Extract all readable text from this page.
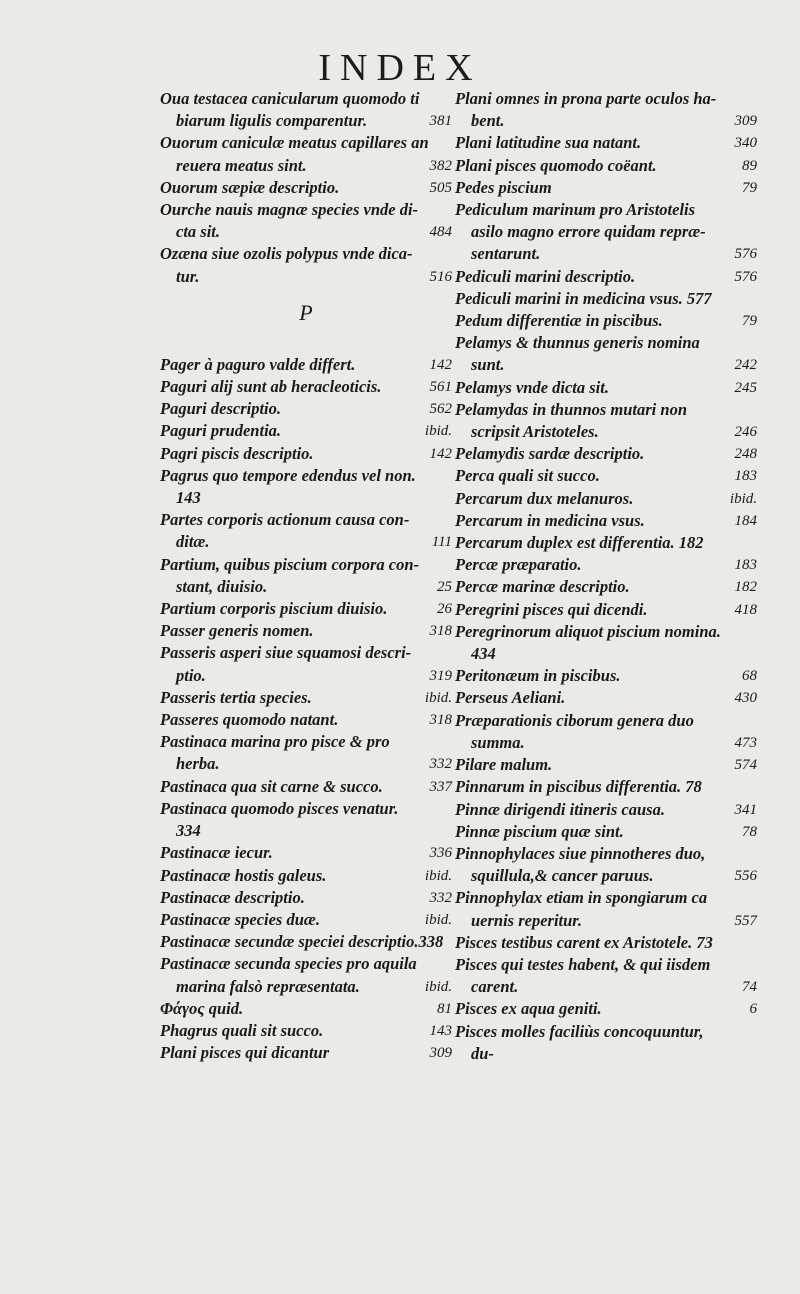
INDEX
Oua testacea canicularum quomodo ti
biarum ligulis comparentur.	381
Ouorum caniculæ meatus capillares an
reuera meatus sint.	382
Ouorum sæpiæ descriptio.	505
Ourche nauis magnæ species vnde di-
cta sit.	484
Ozæna siue ozolis polypus vnde dica-
tur.	516
P
Pager à paguro valde differt.	142
Paguri alij sunt ab heracleoticis.	561
Paguri descriptio.	562
Paguri prudentia.	ibid.
Pagri piscis descriptio.	142
Pagrus quo tempore edendus vel non.
143
Partes corporis actionum causa con-
ditæ.	111
Partium, quibus piscium corpora con-
stant, diuisio.	25
Partium corporis piscium diuisio.	26
Passer generis nomen.	318
Passeris asperi siue squamosi descri-
ptio.	319
Passeris tertia species.	ibid.
Passeres quomodo natant.	318
Pastinaca marina pro pisce & pro
herba.	332
Pastinaca qua sit carne & succo.	337
Pastinaca quomodo pisces venatur.
334
Pastinacæ iecur.	336
Pastinacæ hostis galeus.	ibid.
Pastinacæ descriptio.	332
Pastinacæ species duæ.	ibid.
Pastinacæ secundæ speciei descriptio.338
Pastinacæ secunda species pro aquila
marina falsò repræsentata.	ibid.
Φάγος quid.	81
Phagrus quali sit succo.	143
Plani pisces qui dicantur	309
Plani omnes in prona parte oculos ha-
bent.	309
Plani latitudine sua natant.	340
Plani pisces quomodo coëant.	89
Pedes piscium	79
Pediculum marinum pro Aristotelis
asilo magno errore quidam repræ-
sentarunt.	576
Pediculi marini descriptio.	576
Pediculi marini in medicina vsus. 577
Pedum differentiæ in piscibus.	79
Pelamys & thunnus generis nomina
sunt.	242
Pelamys vnde dicta sit.	245
Pelamydas in thunnos mutari non
scripsit Aristoteles.	246
Pelamydis sardæ descriptio.	248
Perca quali sit succo.	183
Percarum dux melanuros.	ibid.
Percarum in medicina vsus.	184
Percarum duplex est differentia. 182
Percæ præparatio.	183
Percæ marinæ descriptio.	182
Peregrini pisces qui dicendi.	418
Peregrinorum aliquot piscium nomina.
434
Peritonæum in piscibus.	68
Perseus Aeliani.	430
Præparationis ciborum genera duo
summa.	473
Pilare malum.	574
Pinnarum in piscibus differentia. 78
Pinnæ dirigendi itineris causa.	341
Pinnæ piscium quæ sint.	78
Pinnophylaces siue pinnotheres duo,
squillula,& cancer paruus.	556
Pinnophylax etiam in spongiarum ca
uernis reperitur.	557
Pisces testibus carent ex Aristotele. 73
Pisces qui testes habent, & qui iisdem
carent.	74
Pisces ex aqua geniti.	6
Pisces molles faciliùs concoquuntur,
du-
